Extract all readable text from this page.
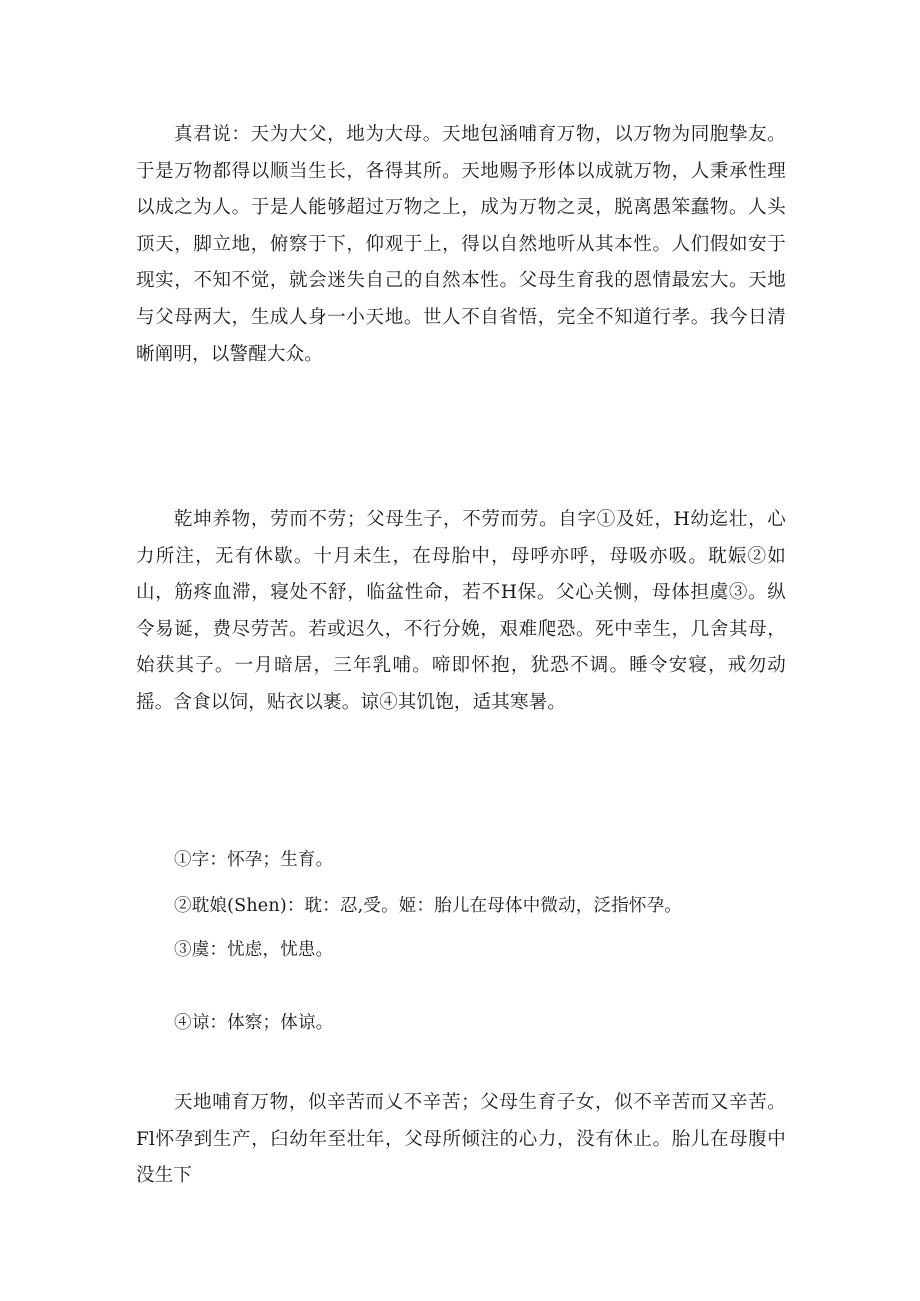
真君说：天为大父，地为大母。天地包涵哺育万物，以万物为同胞挚友。于是万物都得以顺当生长，各得其所。天地赐予形体以成就万物，人秉承性理以成之为人。于是人能够超过万物之上，成为万物之灵，脱离愚笨蠢物。人头顶天，脚立地，俯察于下，仰观于上，得以自然地听从其本性。人们假如安于现实，不知不觉，就会迷失自己的自然本性。父母生育我的恩情最宏大。天地与父母两大，生成人身一小天地。世人不自省悟，完全不知道行孝。我今日清晰阐明，以警醒大众。

乾坤养物，劳而不劳；父母生子，不劳而劳。自字①及妊，H幼迄壮，心力所注，无有休歇。十月未生，在母胎中，母呼亦呼，母吸亦吸。耽娠②如山，筋疼血滞，寝处不舒，临盆性命，若不H保。父心关恻，母体担虞③。纵令易诞，费尽劳苦。若或迟久，不行分娩，艰难爬恐。死中幸生，几舍其母，始获其子。一月暗居，三年乳哺。啼即怀抱，犹恐不调。睡令安寝，戒勿动摇。含食以饲，贴衣以裹。谅④其饥饱，适其寒暑。

①字：怀孕；生育。

②耽娘(Shen)：耽：忍,受。姬：胎儿在母体中微动，泛指怀孕。

③虞：忧虑，忧患。

④谅：体察；体谅。

天地哺育万物，似辛苦而乂不辛苦；父母生育子女，似不辛苦而又辛苦。Fl怀孕到生产，臼幼年至壮年，父母所倾注的心力，没有休止。胎儿在母腹中没生下
